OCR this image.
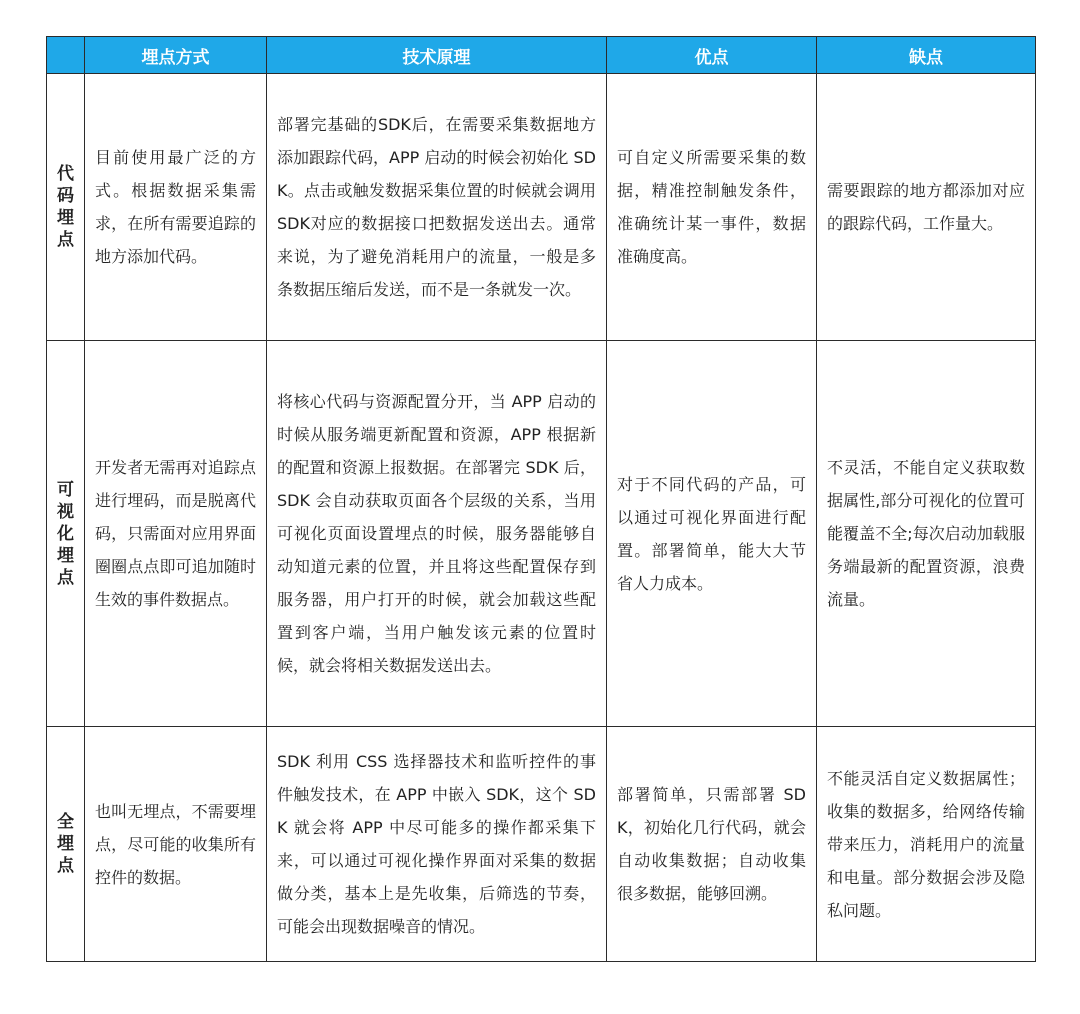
	埋点方式	技术原理	优点	缺点

代码埋点	目前使用最广泛的方式。根据数据采集需求，在所有需要追踪的地方添加代码。	部署完基础的SDK后，在需要采集数据地方添加跟踪代码，APP 启动的时候会初始化 SDK。点击或触发数据采集位置的时候就会调用SDK对应的数据接口把数据发送出去。通常来说，为了避免消耗用户的流量，一般是多条数据压缩后发送，而不是一条就发一次。	可自定义所需要采集的数据，精准控制触发条件，准确统计某一事件，数据准确度高。	需要跟踪的地方都添加对应的跟踪代码，工作量大。

可视化埋点	开发者无需再对追踪点进行埋码，而是脱离代码，只需面对应用界面圈圈点点即可追加随时生效的事件数据点。	将核心代码与资源配置分开，当 APP 启动的时候从服务端更新配置和资源，APP 根据新的配置和资源上报数据。在部署完 SDK 后，SDK 会自动获取页面各个层级的关系，当用可视化页面设置埋点的时候，服务器能够自动知道元素的位置，并且将这些配置保存到服务器，用户打开的时候，就会加载这些配置到客户端，当用户触发该元素的位置时候，就会将相关数据发送出去。	对于不同代码的产品，可以通过可视化界面进行配置。部署简单，能大大节省人力成本。	不灵活，不能自定义获取数据属性,部分可视化的位置可能覆盖不全;每次启动加载服务端最新的配置资源，浪费流量。

全埋点	也叫无埋点，不需要埋点，尽可能的收集所有控件的数据。	SDK 利用 CSS 选择器技术和监听控件的事件触发技术，在 APP 中嵌入 SDK，这个 SDK 就会将 APP 中尽可能多的操作都采集下来，可以通过可视化操作界面对采集的数据做分类，基本上是先收集，后筛选的节奏，可能会出现数据噪音的情况。	部署简单，只需部署 SDK，初始化几行代码，就会自动收集数据；自动收集很多数据，能够回溯。	不能灵活自定义数据属性；收集的数据多，给网络传输带来压力，消耗用户的流量和电量。部分数据会涉及隐私问题。
